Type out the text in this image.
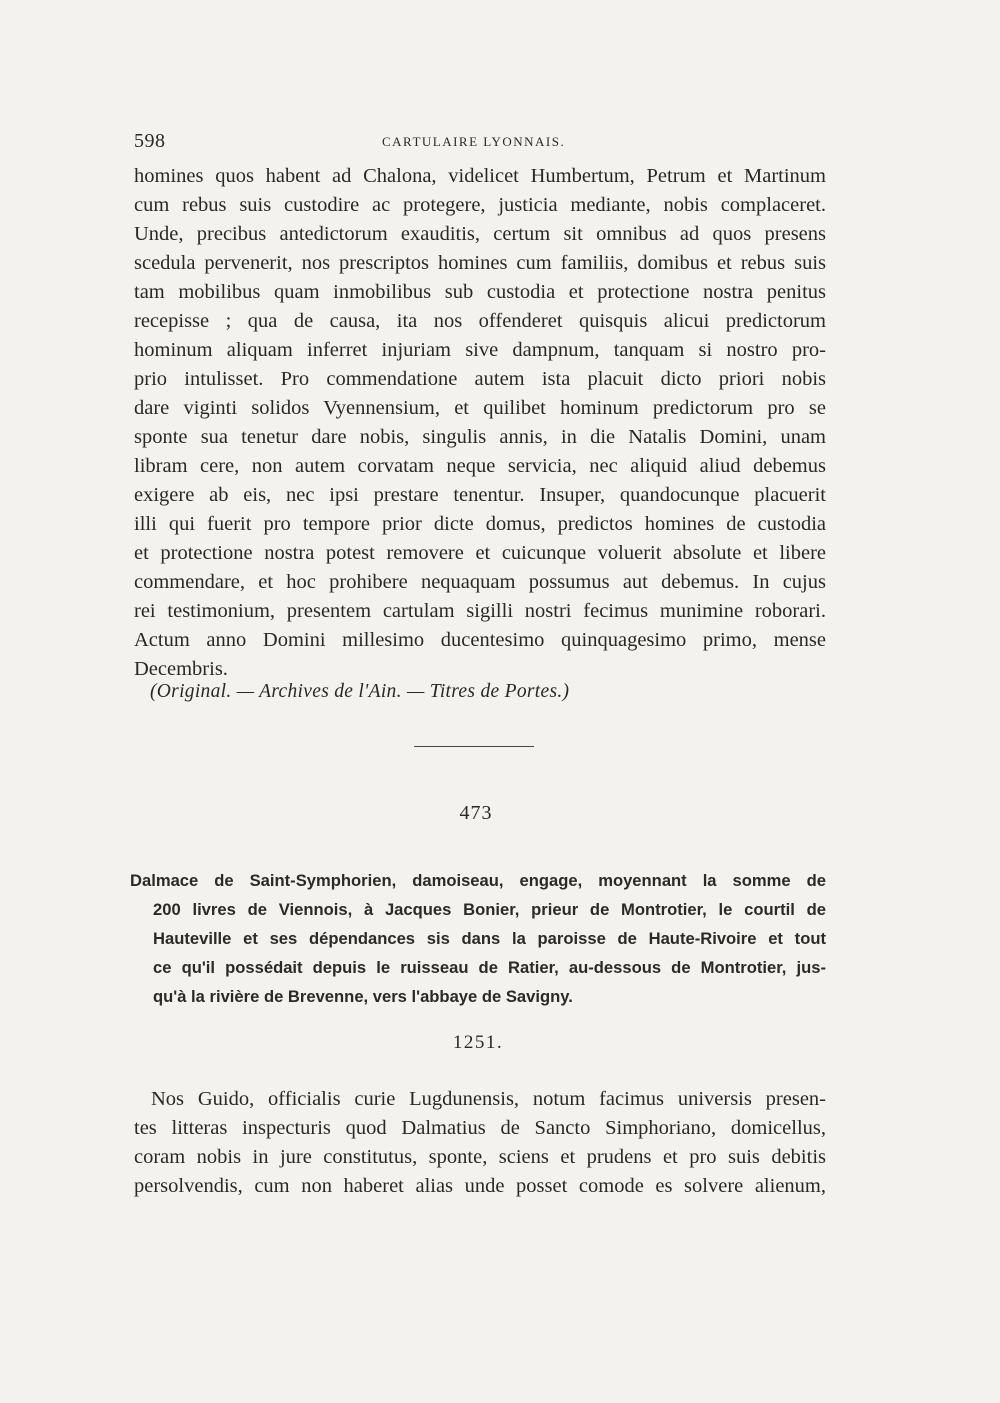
598	CARTULAIRE LYONNAIS.
homines quos habent ad Chalona, videlicet Humbertum, Petrum et Martinum
cum rebus suis custodire ac protegere, justicia mediante, nobis complaceret.
Unde, precibus antedictorum exauditis, certum sit omnibus ad quos presens
scedula pervenerit, nos prescriptos homines cum familiis, domibus et rebus suis
tam mobilibus quam inmobilibus sub custodia et protectione nostra penitus
recepisse ; qua de causa, ita nos offenderet quisquis alicui predictorum
hominum aliquam inferret injuriam sive dampnum, tanquam si nostro pro-
prio intulisset. Pro commendatione autem ista placuit dicto priori nobis
dare viginti solidos Vyennensium, et quilibet hominum predictorum pro se
sponte sua tenetur dare nobis, singulis annis, in die Natalis Domini, unam
libram cere, non autem corvatam neque servicia, nec aliquid aliud debemus
exigere ab eis, nec ipsi prestare tenentur. Insuper, quandocunque placuerit
illi qui fuerit pro tempore prior dicte domus, predictos homines de custodia
et protectione nostra potest removere et cuicunque voluerit absolute et libere
commendare, et hoc prohibere nequaquam possumus aut debemus. In cujus
rei testimonium, presentem cartulam sigilli nostri fecimus munimine roborari.
Actum anno Domini millesimo ducentesimo quinquagesimo primo, mense
Decembris.
(Original. — Archives de l'Ain. — Titres de Portes.)
473
Dalmace de Saint-Symphorien, damoiseau, engage, moyennant la somme de
200 livres de Viennois, à Jacques Bonier, prieur de Montrotier, le courtil de
Hauteville et ses dépendances sis dans la paroisse de Haute-Rivoire et tout
ce qu'il possédait depuis le ruisseau de Ratier, au-dessous de Montrotier, jus-
qu'à la rivière de Brevenne, vers l'abbaye de Savigny.
1251.
Nos Guido, officialis curie Lugdunensis, notum facimus universis presen-
tes litteras inspecturis quod Dalmatius de Sancto Simphoriano, domicellus,
coram nobis in jure constitutus, sponte, sciens et prudens et pro suis debitis
persolvendis, cum non haberet alias unde posset comode es solvere alienum,
